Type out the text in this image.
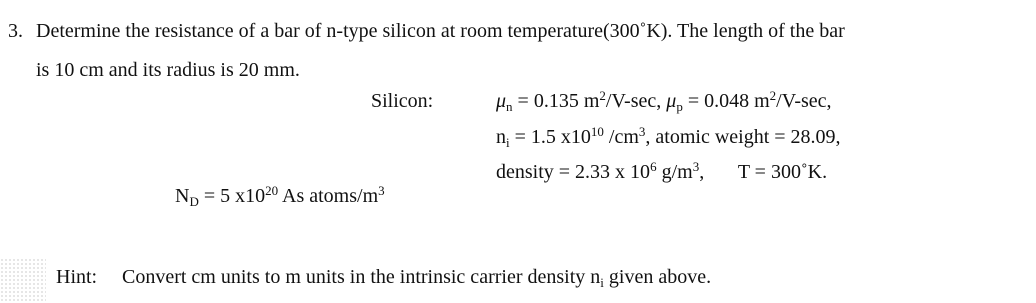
3. Determine the resistance of a bar of n-type silicon at room temperature(300˚K). The length of the bar
is 10 cm and its radius is 20 mm.
Silicon:	$\mu_n = 0.135$ $m^2/V-\sec$, $\mu_p = 0.048$ $m^2/V-\sec$,
$n_i = 1.5$ $x10^{10}$ $/cm^3$, atomic weight = 28.09,
density = 2.33 x $10^6$ $g/m^3$, T = 300˚K.
$N_D = 5$ $x10^{20}$ As atoms/$m^3$
Hint: Convert cm units to m units in the intrinsic carrier density $n_i$ given above.
